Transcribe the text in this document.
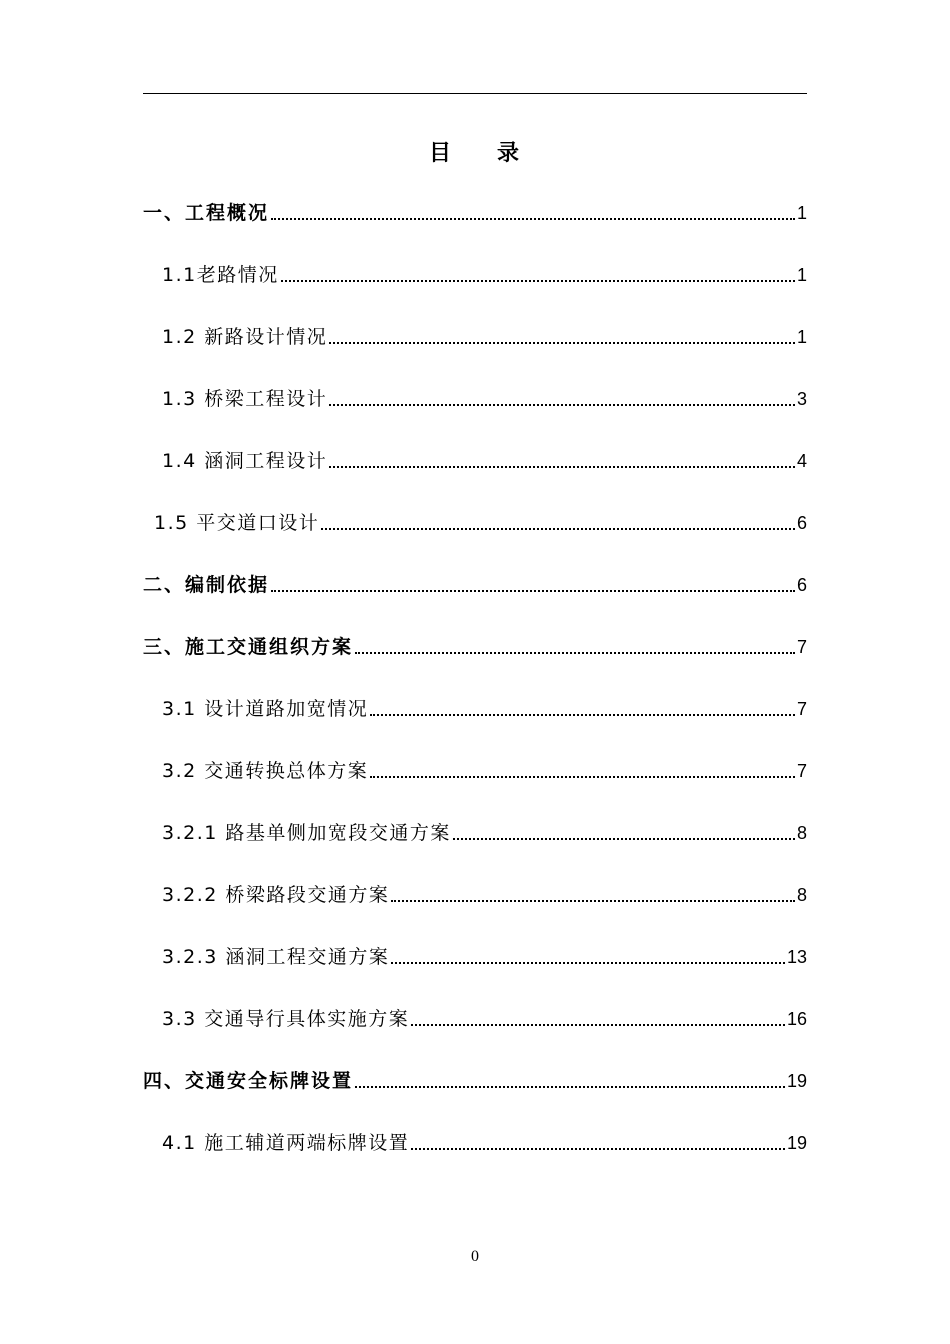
目 录
一、工程概况	1
1.1老路情况	1
1.2 新路设计情况	1
1.3 桥梁工程设计	3
1.4 涵洞工程设计	4
1.5 平交道口设计	6
二、编制依据	6
三、施工交通组织方案	7
3.1 设计道路加宽情况	7
3.2 交通转换总体方案	7
3.2.1 路基单侧加宽段交通方案	8
3.2.2 桥梁路段交通方案	8
3.2.3 涵洞工程交通方案	13
3.3 交通导行具体实施方案	16
四、交通安全标牌设置	19
4.1 施工辅道两端标牌设置	19
0
